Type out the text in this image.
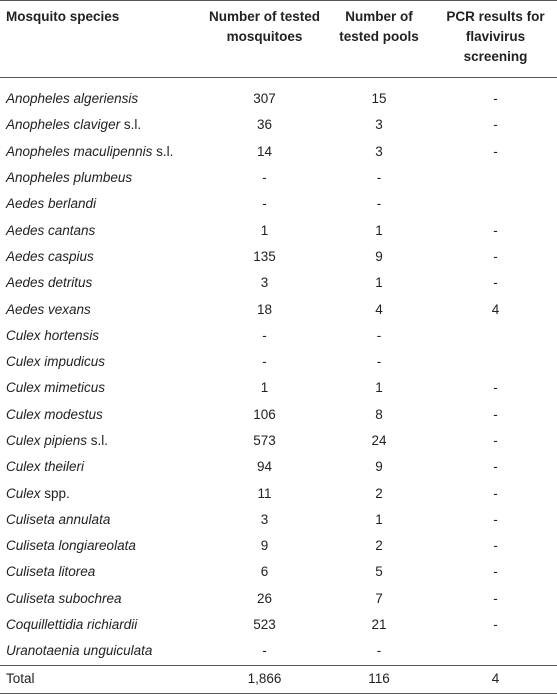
Mosquito species	Number of tested mosquitoes	Number of tested pools	PCR results for flavivirus screening
Anopheles algeriensis	307	15	-
Anopheles claviger s.l.	36	3	-
Anopheles maculipennis s.l.	14	3	-
Anopheles plumbeus	-	-	
Aedes berlandi	-	-	
Aedes cantans	1	1	-
Aedes caspius	135	9	-
Aedes detritus	3	1	-
Aedes vexans	18	4	4
Culex hortensis	-	-	
Culex impudicus	-	-	
Culex mimeticus	1	1	-
Culex modestus	106	8	-
Culex pipiens s.l.	573	24	-
Culex theileri	94	9	-
Culex spp.	11	2	-
Culiseta annulata	3	1	-
Culiseta longiareolata	9	2	-
Culiseta litorea	6	5	-
Culiseta subochrea	26	7	-
Coquillettidia richiardii	523	21	-
Uranotaenia unguiculata	-	-	
Total	1,866	116	4
